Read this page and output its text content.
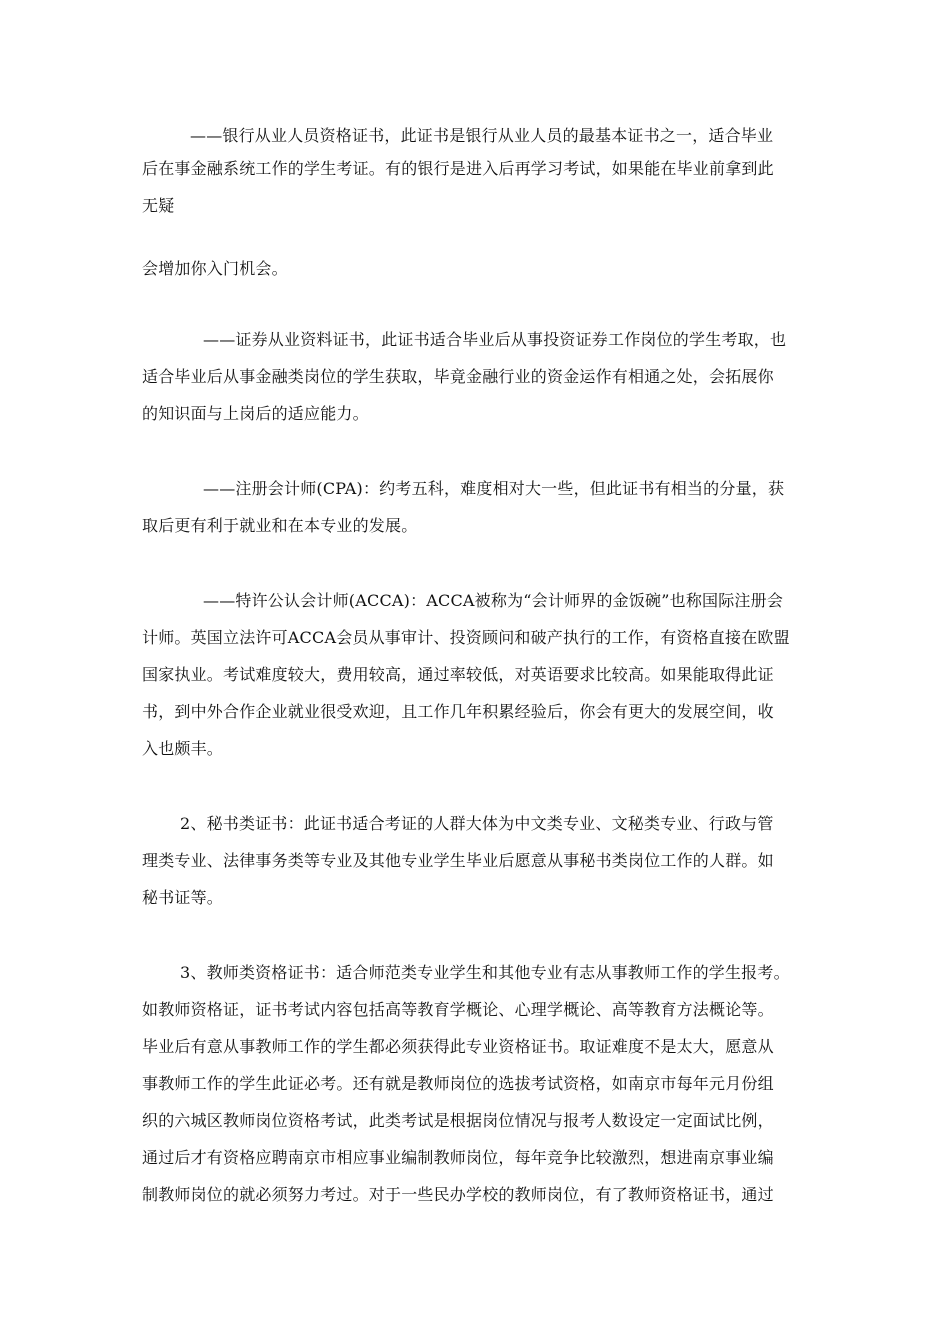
——银行从业人员资格证书，此证书是银行从业人员的最基本证书之一，适合毕业
后在事金融系统工作的学生考证。有的银行是进入后再学习考试，如果能在毕业前拿到此
无疑
会增加你入门机会。
——证券从业资料证书，此证书适合毕业后从事投资证券工作岗位的学生考取，也
适合毕业后从事金融类岗位的学生获取，毕竟金融行业的资金运作有相通之处，会拓展你
的知识面与上岗后的适应能力。
——注册会计师(CPA)：约考五科，难度相对大一些，但此证书有相当的分量，获
取后更有利于就业和在本专业的发展。
——特许公认会计师(ACCA)：ACCA被称为“会计师界的金饭碗”也称国际注册会
计师。英国立法许可ACCA会员从事审计、投资顾问和破产执行的工作，有资格直接在欧盟
国家执业。考试难度较大，费用较高，通过率较低，对英语要求比较高。如果能取得此证
书，到中外合作企业就业很受欢迎，且工作几年积累经验后，你会有更大的发展空间，收
入也颇丰。
2、秘书类证书：此证书适合考证的人群大体为中文类专业、文秘类专业、行政与管
理类专业、法律事务类等专业及其他专业学生毕业后愿意从事秘书类岗位工作的人群。如
秘书证等。
3、教师类资格证书：适合师范类专业学生和其他专业有志从事教师工作的学生报考。
如教师资格证，证书考试内容包括高等教育学概论、心理学概论、高等教育方法概论等。
毕业后有意从事教师工作的学生都必须获得此专业资格证书。取证难度不是太大，愿意从
事教师工作的学生此证必考。还有就是教师岗位的选拔考试资格，如南京市每年元月份组
织的六城区教师岗位资格考试，此类考试是根据岗位情况与报考人数设定一定面试比例，
通过后才有资格应聘南京市相应事业编制教师岗位，每年竞争比较激烈，想进南京事业编
制教师岗位的就必须努力考过。对于一些民办学校的教师岗位，有了教师资格证书，通过
